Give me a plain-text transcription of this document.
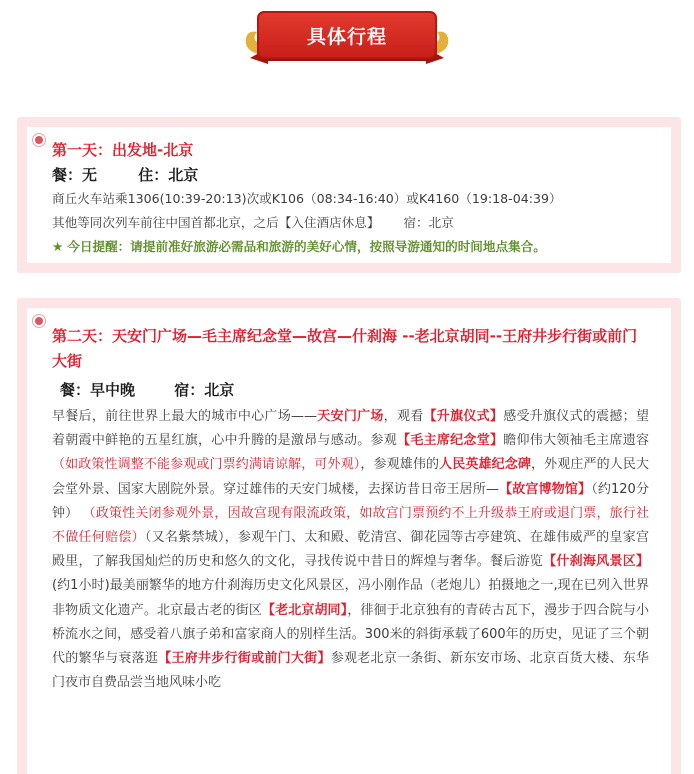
具体行程
第一天：出发地-北京
餐：无	住：北京
商丘火车站乘1306(10:39-20:13)次或K106（08:34-16:40）或K4160（19:18-04:39）
其他等同次列车前往中国首都北京，之后【入住酒店休息】      宿：北京
★ 今日提醒：请提前准好旅游必需品和旅游的美好心情，按照导游通知的时间地点集合。
第二天：天安门广场—毛主席纪念堂—故宫—什刹海 --老北京胡同--王府井步行街或前门大街
餐：早中晚	宿：北京
早餐后，前往世界上最大的城市中心广场——天安门广场，观看【升旗仪式】感受升旗仪式的震撼；望着朝霞中鲜艳的五星红旗，心中升腾的是激昂与感动。参观【毛主席纪念堂】瞻仰伟大领袖毛主席遗容（如政策性调整不能参观或门票约满请谅解，可外观），参观雄伟的人民英雄纪念碑，外观庄严的人民大会堂外景、国家大剧院外景。穿过雄伟的天安门城楼，去探访昔日帝王居所—【故宫博物馆】（约120分钟） （政策性关闭参观外景，因故宫现有限流政策，如故宫门票预约不上升级恭王府或退门票，旅行社不做任何赔偿）（又名紫禁城），参观午门、太和殿、乾清宫、御花园等古亭建筑、在雄伟威严的皇家宫殿里，了解我国灿烂的历史和悠久的文化，寻找传说中昔日的辉煌与奢华。餐后游览【什刹海风景区】(约1小时)最美丽繁华的地方什刹海历史文化风景区，冯小刚作品（老炮儿）拍摄地之一,现在已列入世界非物质文化遗产。北京最古老的街区【老北京胡同】，徘徊于北京独有的青砖古瓦下，漫步于四合院与小桥流水之间，感受着八旗子弟和富家商人的别样生活。300米的斜街承载了600年的历史，见证了三个朝代的繁华与衰落逛【王府井步行街或前门大街】参观老北京一条街、新东安市场、北京百货大楼、东华门夜市自费品尝当地风味小吃
